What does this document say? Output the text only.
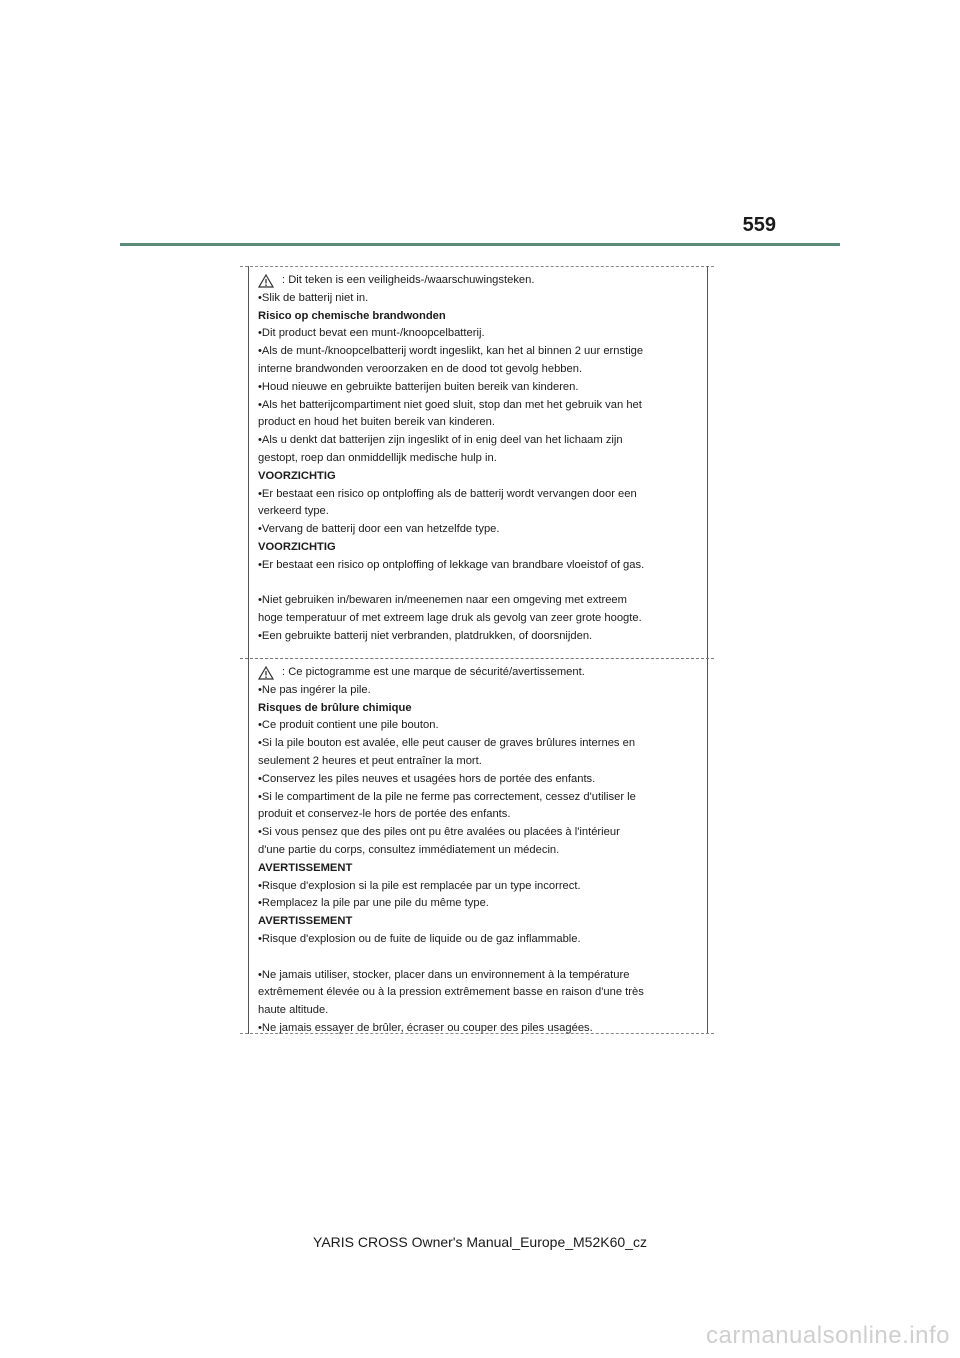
559
: Dit teken is een veiligheids-/waarschuwingsteken.
•Slik de batterij niet in.
Risico op chemische brandwonden
•Dit product bevat een munt-/knoopcelbatterij.
•Als de munt-/knoopcelbatterij wordt ingeslikt, kan het al binnen 2 uur ernstige
interne brandwonden veroorzaken en de dood tot gevolg hebben.
•Houd nieuwe en gebruikte batterijen buiten bereik van kinderen.
•Als het batterijcompartiment niet goed sluit, stop dan met het gebruik van het
product en houd het buiten bereik van kinderen.
•Als u denkt dat batterijen zijn ingeslikt of in enig deel van het lichaam zijn
gestopt, roep dan onmiddellijk medische hulp in.
VOORZICHTIG
•Er bestaat een risico op ontploffing als de batterij wordt vervangen door een
verkeerd type.
•Vervang de batterij door een van hetzelfde type.
VOORZICHTIG
•Er bestaat een risico op ontploffing of lekkage van brandbare vloeistof of gas.
•Niet gebruiken in/bewaren in/meenemen naar een omgeving met extreem
hoge temperatuur of met extreem lage druk als gevolg van zeer grote hoogte.
•Een gebruikte batterij niet verbranden, platdrukken, of doorsnijden.
: Ce pictogramme est une marque de sécurité/avertissement.
•Ne pas ingérer la pile.
Risques de brûlure chimique
•Ce produit contient une pile bouton.
•Si la pile bouton est avalée, elle peut causer de graves brûlures internes en
seulement 2 heures et peut entraîner la mort.
•Conservez les piles neuves et usagées hors de portée des enfants.
•Si le compartiment de la pile ne ferme pas correctement, cessez d'utiliser le
produit et conservez-le hors de portée des enfants.
•Si vous pensez que des piles ont pu être avalées ou placées à l'intérieur
d'une partie du corps, consultez immédiatement un médecin.
AVERTISSEMENT
•Risque d'explosion si la pile est remplacée par un type incorrect.
•Remplacez la pile par une pile du même type.
AVERTISSEMENT
•Risque d'explosion ou de fuite de liquide ou de gaz inflammable.
•Ne jamais utiliser, stocker, placer dans un environnement à la température
extrêmement élevée ou à la pression extrêmement basse en raison d'une très
haute altitude.
•Ne jamais essayer de brûler, écraser ou couper des piles usagées.
YARIS CROSS Owner's Manual_Europe_M52K60_cz
carmanualsonline.info
